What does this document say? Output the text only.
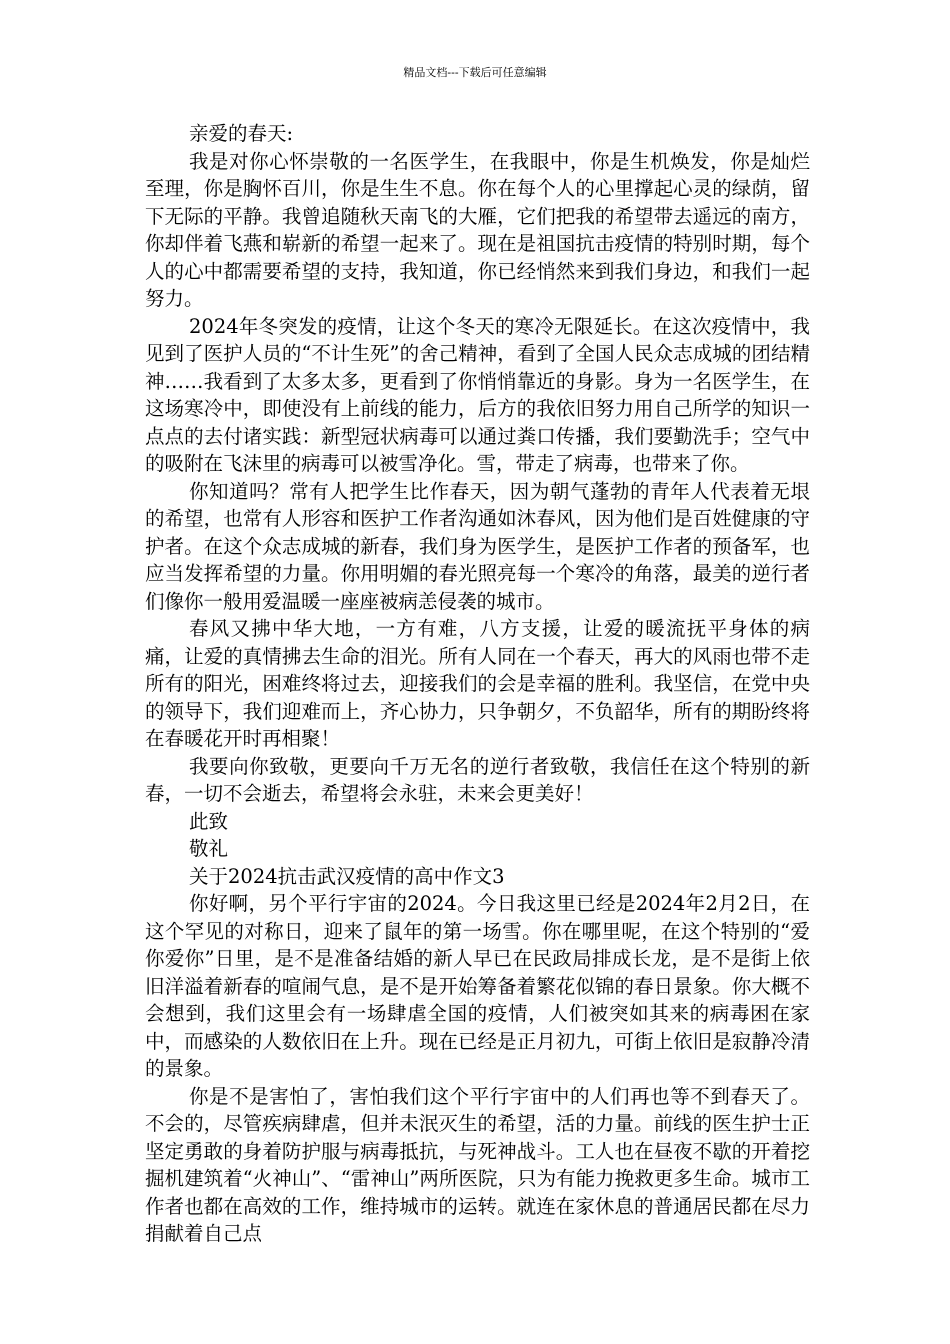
精品文档---下载后可任意编辑

亲爱的春天:

我是对你心怀崇敬的一名医学生，在我眼中，你是生机焕发，你是灿烂至理，你是胸怀百川，你是生生不息。你在每个人的心里撑起心灵的绿荫，留下无际的平静。我曾追随秋天南飞的大雁，它们把我的希望带去遥远的南方，你却伴着飞燕和崭新的希望一起来了。现在是祖国抗击疫情的特别时期，每个人的心中都需要希望的支持，我知道，你已经悄然来到我们身边，和我们一起努力。

2024年冬突发的疫情，让这个冬天的寒冷无限延长。在这次疫情中，我见到了医护人员的“不计生死”的舍己精神，看到了全国人民众志成城的团结精神……我看到了太多太多，更看到了你悄悄靠近的身影。身为一名医学生，在这场寒冷中，即使没有上前线的能力，后方的我依旧努力用自己所学的知识一点点的去付诸实践：新型冠状病毒可以通过粪口传播，我们要勤洗手；空气中的吸附在飞沫里的病毒可以被雪净化。雪，带走了病毒，也带来了你。

你知道吗？常有人把学生比作春天，因为朝气蓬勃的青年人代表着无垠的希望，也常有人形容和医护工作者沟通如沐春风，因为他们是百姓健康的守护者。在这个众志成城的新春，我们身为医学生，是医护工作者的预备军，也应当发挥希望的力量。你用明媚的春光照亮每一个寒冷的角落，最美的逆行者们像你一般用爱温暖一座座被病恙侵袭的城市。

春风又拂中华大地，一方有难，八方支援，让爱的暖流抚平身体的病痛，让爱的真情拂去生命的泪光。所有人同在一个春天，再大的风雨也带不走所有的阳光，困难终将过去，迎接我们的会是幸福的胜利。我坚信，在党中央的领导下，我们迎难而上，齐心协力，只争朝夕，不负韶华，所有的期盼终将在春暖花开时再相聚！

我要向你致敬，更要向千万无名的逆行者致敬，我信任在这个特别的新春，一切不会逝去，希望将会永驻，未来会更美好！

此致

敬礼

关于2024抗击武汉疫情的高中作文3

你好啊，另个平行宇宙的2024。今日我这里已经是2024年2月2日，在这个罕见的对称日，迎来了鼠年的第一场雪。你在哪里呢，在这个特别的“爱你爱你”日里，是不是准备结婚的新人早已在民政局排成长龙，是不是街上依旧洋溢着新春的喧闹气息，是不是开始筹备着繁花似锦的春日景象。你大概不会想到，我们这里会有一场肆虐全国的疫情，人们被突如其来的病毒困在家中，而感染的人数依旧在上升。现在已经是正月初九，可街上依旧是寂静冷清的景象。

你是不是害怕了，害怕我们这个平行宇宙中的人们再也等不到春天了。不会的，尽管疾病肆虐，但并未泯灭生的希望，活的力量。前线的医生护士正坚定勇敢的身着防护服与病毒抵抗，与死神战斗。工人也在昼夜不歇的开着挖掘机建筑着“火神山”、“雷神山”两所医院，只为有能力挽救更多生命。城市工作者也都在高效的工作，维持城市的运转。就连在家休息的普通居民都在尽力捐献着自己点
